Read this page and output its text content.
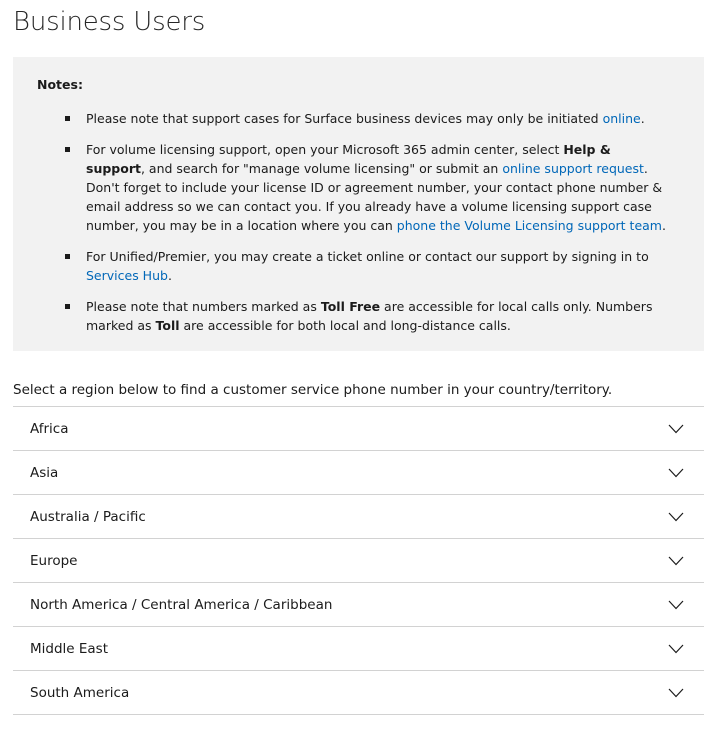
Business Users
Notes:
Please note that support cases for Surface business devices may only be initiated online.
For volume licensing support, open your Microsoft 365 admin center, select Help & support, and search for "manage volume licensing" or submit an online support request. Don't forget to include your license ID or agreement number, your contact phone number & email address so we can contact you. If you already have a volume licensing support case number, you may be in a location where you can phone the Volume Licensing support team.
For Unified/Premier, you may create a ticket online or contact our support by signing in to Services Hub.
Please note that numbers marked as Toll Free are accessible for local calls only. Numbers marked as Toll are accessible for both local and long-distance calls.

Select a region below to find a customer service phone number in your country/territory.

Africa
Asia
Australia / Pacific
Europe
North America / Central America / Caribbean
Middle East
South America
